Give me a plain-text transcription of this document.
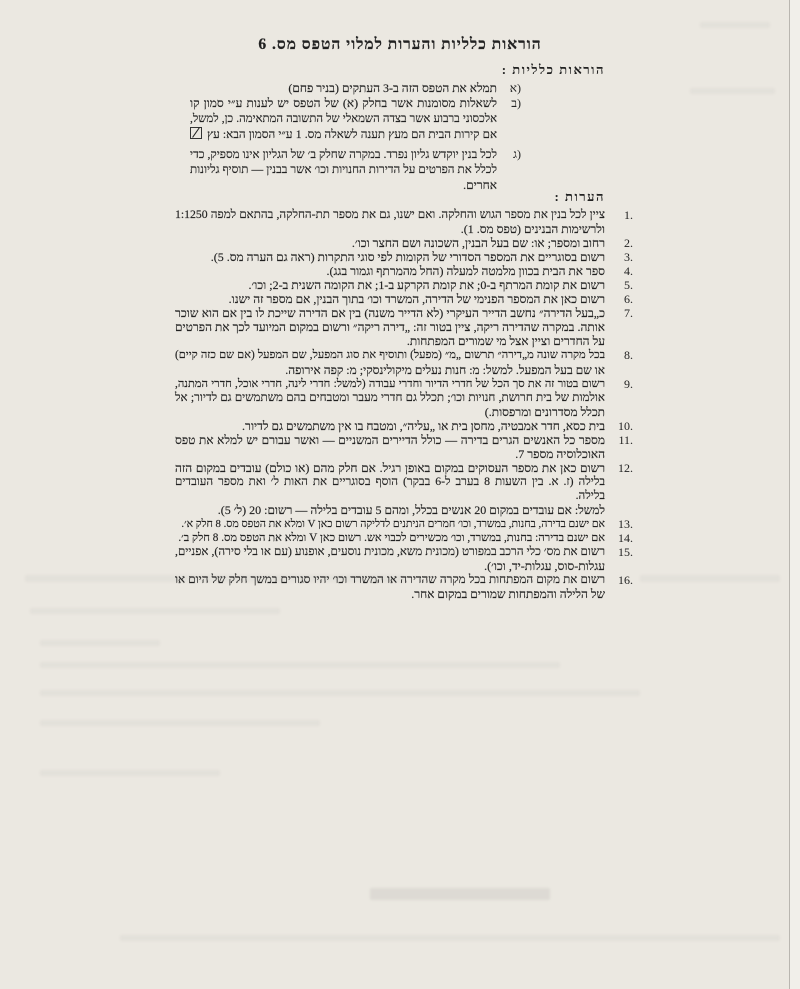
הוראות כלליות והערות למלוי הטפס מס. 6
הוראות כלליות :
א)
תמלא את הטפס הזה ב-3 העתקים (בניר פחם)
ב)
לשאלות מסומנות אשר בחלק (א) של הטפס יש לענות ע״י סמון קו
אלכסוני ברבוע אשר בצדה השמאלי של התשובה המתאימה. כן, למשל,
אם קירות הבית הם מעץ תענה לשאלה מס. 1 ע״י הסמון הבא: עץ
ג)
לכל בנין יוקדש גליון נפרד. במקרה שחלק ב׳ של הגליון אינו מספיק, כדי
לכלל את הפרטים על הדירות החנויות וכו׳ אשר בבנין — תוסיף גליונות
אחרים.
הערות :
1.
ציין לכל בנין את מספר הגוש והחלקה. ואם ישנו, גם את מספר תת-החלקה, בהתאם למפה 1:1250
ולרשימות הבנינים (טפס מס. 1).
2.
רחוב ומספר; או: שם בעל הבנין, השכונה ושם החצר וכו׳.
3.
רשום בסוגריים את המספר הסדורי של הקומות לפי סוגי התקרות (ראה גם הערה מס. 5).
4.
ספר את הבית בכוון מלמטה למעלה (החל מהמרתף וגמור בגג).
5.
רשום את קומת המרתף ב-0; את קומת הקרקע ב-1; את הקומה השנית ב-2; וכו׳.
6.
רשום כאן את המספר הפנימי של הדירה, המשרד וכו׳ בתוך הבנין, אם מספר זה ישנו.
7.
כ„בעל הדירה״ נחשב הדייר העיקרי (לא הדייר משנה) בין אם הדירה שייכת לו בין אם הוא שוכר
אותה. במקרה שהדירה ריקה, ציין בטור זה: „דירה ריקה״ ורשום במקום המיועד לכך את הפרטים
על החדרים וציין אצל מי שמורים המפתחות.
8.
בכל מקרה שונה מ„דירה״ תרשום „מ״ (מפעל) ותוסיף את סוג המפעל, שם המפעל (אם שם כזה קיים)
או שם בעל המפעל. למשל: מ: חנות נעלים מיקולינסקי; מ: קפה אירופה.
9.
רשום בטור זה את סך הכל של חדרי הדיור וחדרי עבודה (למשל: חדרי לינה, חדרי אוכל, חדרי המתנה,
אולמות של בית חרושת, חנויות וכו׳; תכלל גם חדרי מעבר ומטבחים בהם משתמשים גם לדיור; אל
תכלל מסדרונים ומרפסות.)
10.
בית כסא, חדר אמבטיה, מחסן בית או „עליה״, ומטבח בו אין משתמשים גם לדיור.
11.
מספר כל האנשים הגרים בדירה — כולל הדיירים המשניים — ואשר עבורם יש למלא את טפס
האוכלוסיה מספר 7.
12.
רשום כאן את מספר העסוקים במקום באופן רגיל. אם חלק מהם (או כולם) עובדים במקום הזה
בלילה (ז. א. בין השעות 8 בערב ל-6 בבקר) הוסף בסוגריים את האות ל׳ ואת מספר העובדים בלילה.
למשל: אם עובדים במקום 20 אנשים בכלל, ומהם 5 עובדים בלילה — רשום: 20 (ל׳ 5).
13.
אם ישנם בדירה, בחנות, במשרד, וכו׳ חמרים הניתנים לדליקה רשום כאן V ומלא את הטפס מס. 8 חלק א׳.
14.
אם ישנם בדירה: בחנות, במשרד, וכו׳ מכשירים לכבוי אש. רשום כאן V ומלא את הטפס מס. 8 חלק ב׳.
15.
רשום את מס׳ כלי הרכב במפורט (מכונית משא, מכונית נוסעים, אופנוע (עם או בלי סירה), אפניים,
עגלות-סוס, עגלות-יד, וכו׳).
16.
רשום את מקום המפתחות בכל מקרה שהדירה או המשרד וכו׳ יהיו סגורים במשך חלק של היום או
של הלילה והמפתחות שמורים במקום אחר.
